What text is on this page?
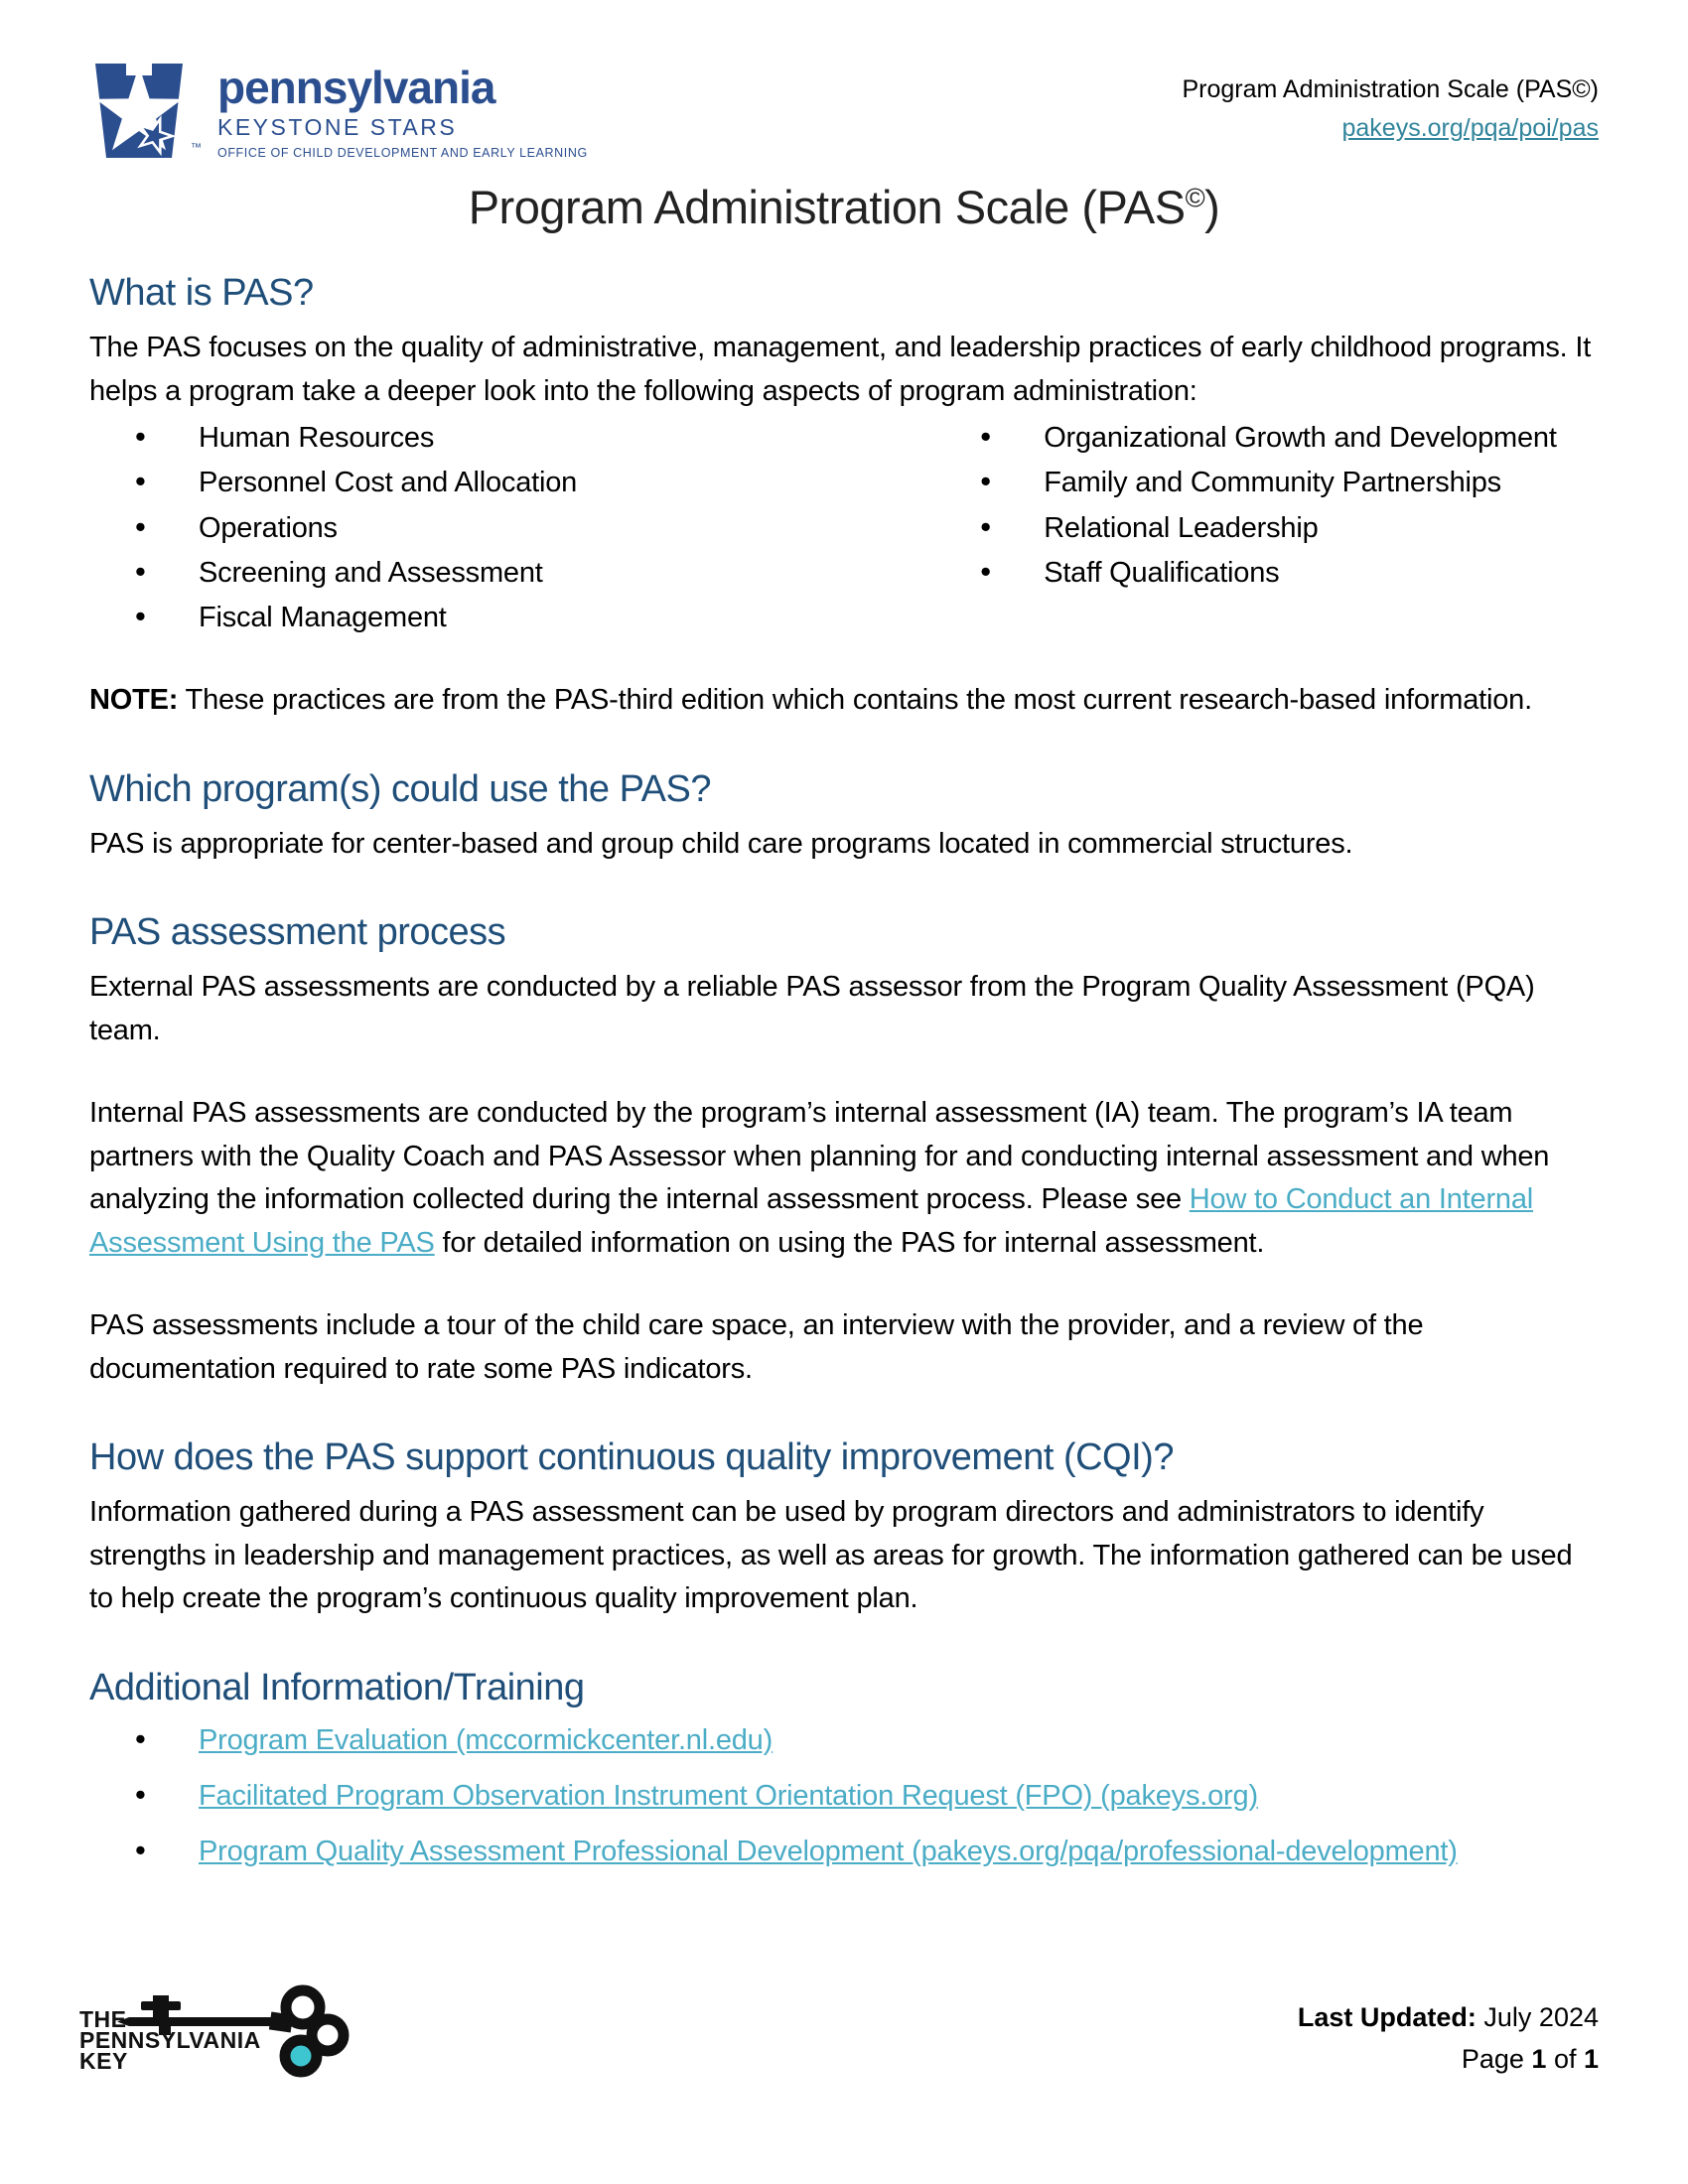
™
pennsylvania
KEYSTONE STARS
OFFICE OF CHILD DEVELOPMENT AND EARLY LEARNING
Program Administration Scale (PAS©)
pakeys.org/pqa/poi/pas
Program Administration Scale (PAS©)
What is PAS?

The PAS focuses on the quality of administrative, management, and leadership practices of early childhood programs. It helps a program take a deeper look into the following aspects of program administration:

• Human Resources
• Personnel Cost and Allocation
• Operations
• Screening and Assessment
• Fiscal Management
• Organizational Growth and Development
• Family and Community Partnerships
• Relational Leadership
• Staff Qualifications

NOTE: These practices are from the PAS-third edition which contains the most current research-based information.

Which program(s) could use the PAS?

PAS is appropriate for center-based and group child care programs located in commercial structures.

PAS assessment process

External PAS assessments are conducted by a reliable PAS assessor from the Program Quality Assessment (PQA) team.

Internal PAS assessments are conducted by the program’s internal assessment (IA) team. The program’s IA team partners with the Quality Coach and PAS Assessor when planning for and conducting internal assessment and when analyzing the information collected during the internal assessment process. Please see How to Conduct an Internal Assessment Using the PAS for detailed information on using the PAS for internal assessment.

PAS assessments include a tour of the child care space, an interview with the provider, and a review of the documentation required to rate some PAS indicators.

How does the PAS support continuous quality improvement (CQI)?

Information gathered during a PAS assessment can be used by program directors and administrators to identify strengths in leadership and management practices, as well as areas for growth. The information gathered can be used to help create the program’s continuous quality improvement plan.

Additional Information/Training
• Program Evaluation (mccormickcenter.nl.edu)
• Facilitated Program Observation Instrument Orientation Request (FPO) (pakeys.org)
• Program Quality Assessment Professional Development (pakeys.org/pqa/professional-development)
THE
PENNSYLVANIA
KEY
Last Updated: July 2024
Page 1 of 1
